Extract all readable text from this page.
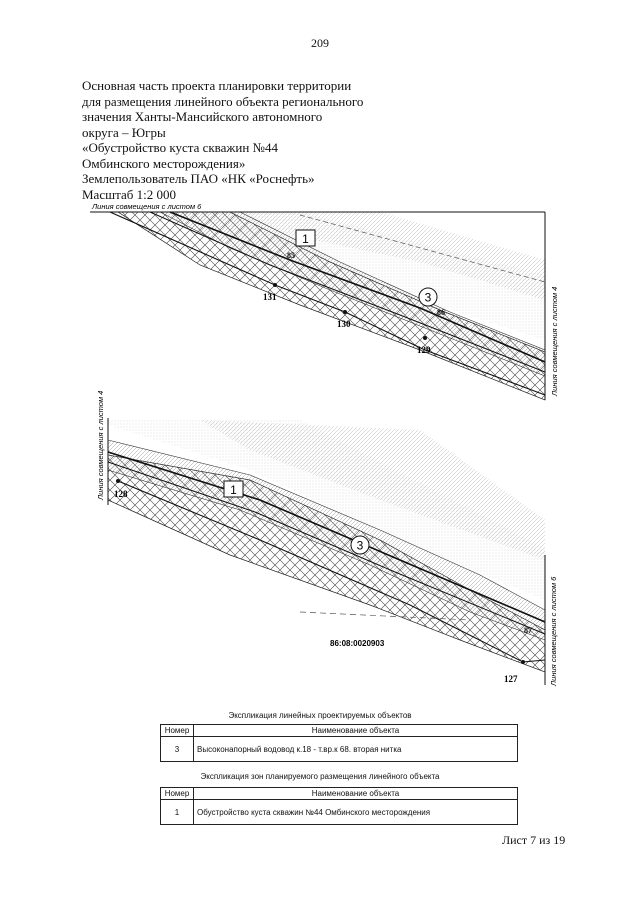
209
Основная часть проекта планировки территории
для размещения линейного объекта регионального
значения Ханты-Мансийского автономного
округа – Югры
«Обустройство куста скважин №44
Омбинского месторождения»
Землепользователь ПАО «НК «Роснефть»
Масштаб 1:2 000
Линия совмещения с листом 6
Линия совмещения с листом 4
1
3
131
130
129
85
86
Линия совмещения с листом 4
Линия совмещения с листом 6
1
3
128
127
87
86:08:0020903
Экспликация линейных проектируемых объектов
Номер	Наименование объекта
3	Высоконапорный водовод к.18 - т.вр.к 68. вторая нитка
Экспликация зон планируемого размещения линейного объекта
Номер	Наименование объекта
1	Обустройство куста скважин №44 Омбинского месторождения
Лист 7 из 19
